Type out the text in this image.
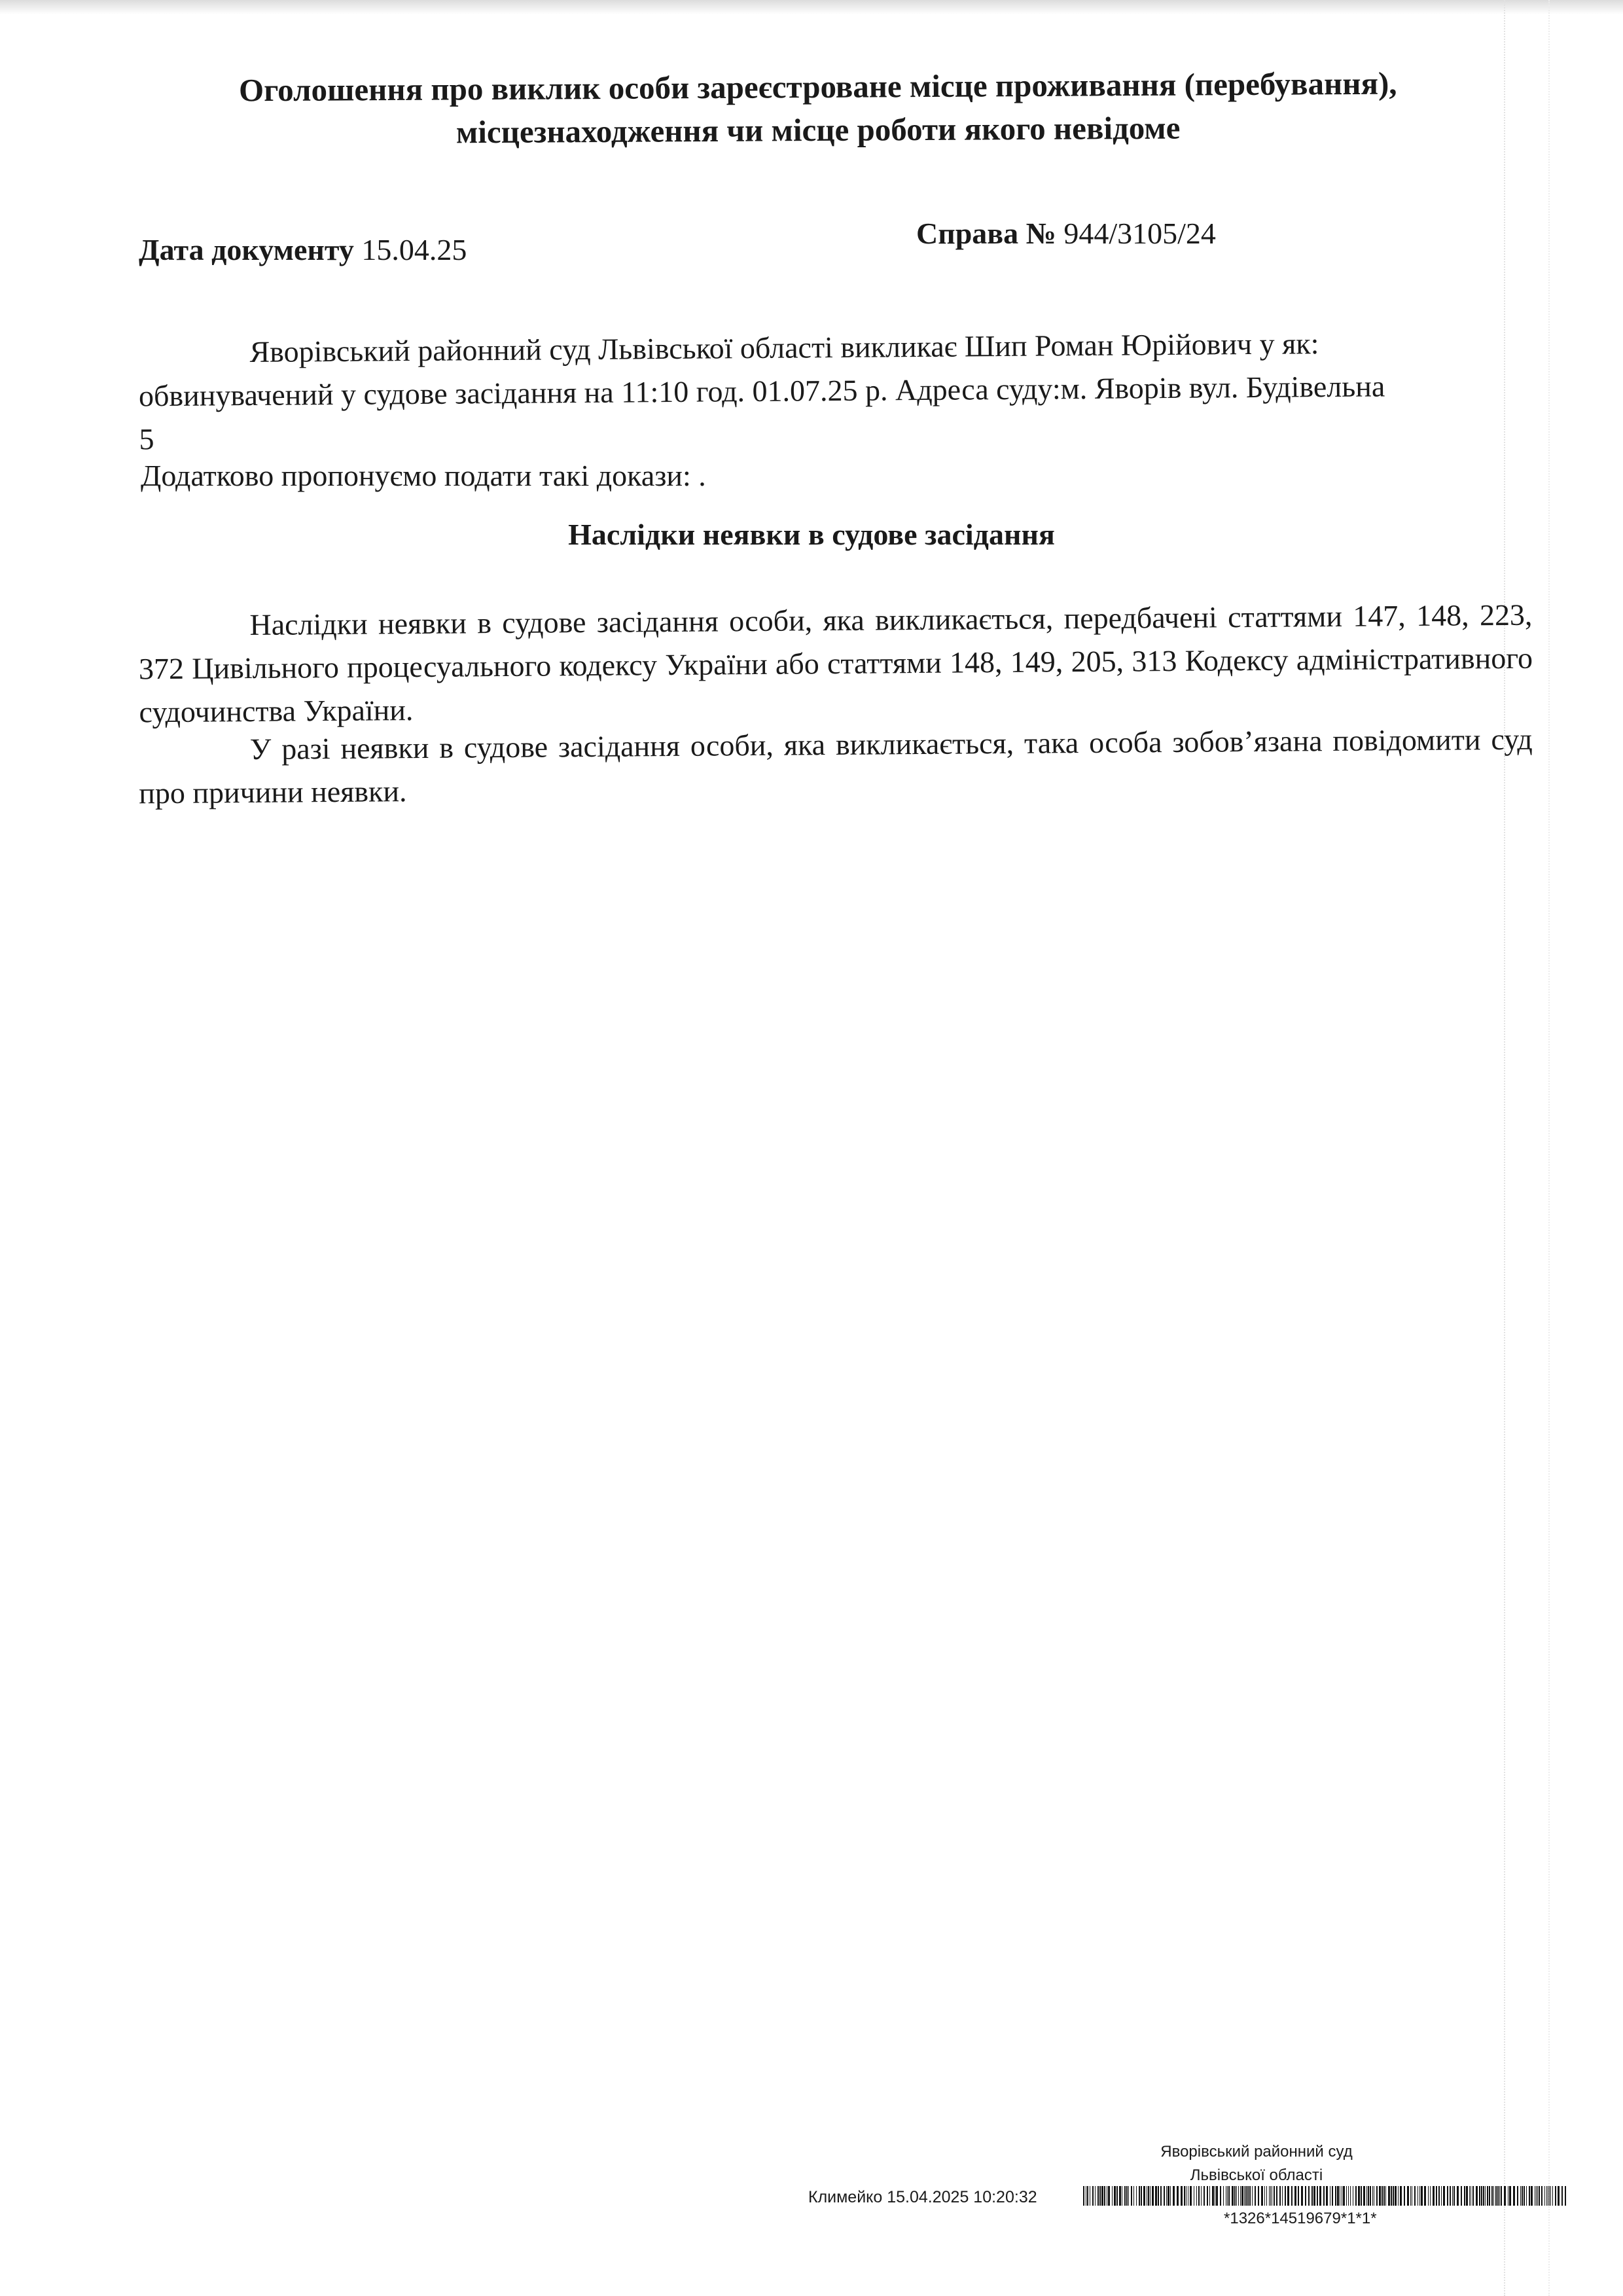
Оголошення про виклик особи зареєстроване місце проживання (перебування),
місцезнаходження чи місце роботи якого невідоме
Дата документу 15.04.25	Справа № 944/3105/24
Яворівський районний суд Львівської області викликає Шип Роман Юрійович у як:
обвинувачений у судове засідання на 11:10 год. 01.07.25 р. Адреса суду:м. Яворів вул. Будівельна
5
Додатково пропонуємо подати такі докази: .
Наслідки неявки в судове засідання
Наслідки неявки в судове засідання особи, яка викликається, передбачені статтями 147, 148, 223, 372 Цивільного процесуального кодексу України або статтями 148, 149, 205, 313 Кодексу адміністративного судочинства України.
У разі неявки в судове засідання особи, яка викликається, така особа зобов’язана повідомити суд про причини неявки.
Яворівський районний суд
Львівської області
Климейко 15.04.2025 10:20:32
*1326*14519679*1*1*
